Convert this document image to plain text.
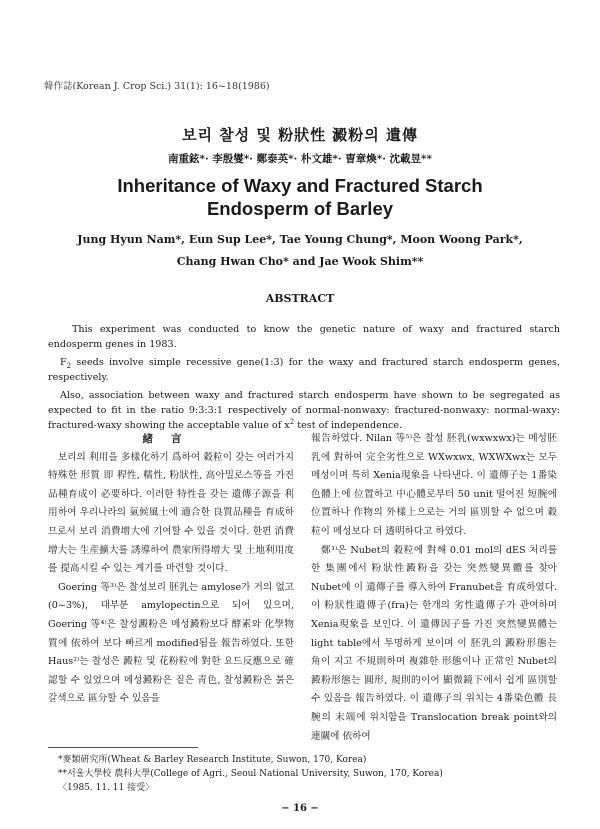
韓作誌(Korean J. Crop Sci.) 31(1): 16~18(1986)
보리 찰성 및 粉狀性 澱粉의 遺傳
南重鉉*· 李殷燮*· 鄭泰英*· 朴文雄*· 曺章煥*· 沈載昱**
Inheritance of Waxy and Fractured Starch
Endosperm of Barley
Jung Hyun Nam*, Eun Sup Lee*, Tae Young Chung*, Moon Woong Park*,
Chang Hwan Cho* and Jae Wook Shim**
ABSTRACT

This experiment was conducted to know the genetic nature of waxy and fractured starch endosperm genes in 1983.

$F_2$ seeds involve simple recessive gene(1:3) for the waxy and fractured starch endosperm genes, respectively.

Also, association between waxy and fractured starch endosperm have shown to be segregated as expected to fit in the ratio 9:3:3:1 respectively of normal-nonwaxy: fractured-nonwaxy: normal-waxy: fractured-waxy showing the acceptable value of $x^2$ test of independence.

緒言

보리의 利用을 多樣化하기 爲하여 穀粒이 갖는 여러가지 特殊한 形質 即 稈性, 糯性, 粉狀性, 高아밀로스等을 가진 品種育成이 必要하다. 이러한 特性을 갖는 遺傳子源을 利用하여 우리나라의 氣候風土에 適合한 良質品種을 育成하므로서 보리 消費增大에 기여할 수 있을 것이다. 한편 消費增大는 生産擴大를 誘導하여 農家所得增大 및 土地利用度를 提高시킬 수 있는 계기를 마련할 것이다.

Goering 等³⁾은 찰성보리 胚乳는 amylose가 거의 없고(0~3%), 대부분 amylopectin으로 되어 있으며, Goering 等⁴⁾은 찰성澱粉은 메성澱粉보다 酵素와 化學物質에 依하여 보다 빠르게 modified됨을 報告하였다. 또한 Haus²⁾는 찰성은 澱粒 및 花粉粒에 對한 요드反應으로 確認할 수 있었으며 메성澱粉은 짙은 靑色, 찰성澱粉은 붉은 갈색으로 區分할 수 있음을

報告하였다. Nilan 等⁵⁾은 찰성 胚乳(wxwxwx)는 메성胚乳에 對하여 完全劣性으로 WXwxwx, WXWXwx는 모두 메성이며 특히 Xenia現象을 나타낸다. 이 遺傳子는 1番染色體上에 位置하고 中心體로부터 50 unit 떨어진 短腕에 位置하나 作物의 外樣上으로는 거의 區別할 수 없으며 穀粒이 메성보다 더 透明하다고 하였다.

鄭¹⁾은 Nubet의 穀粒에 對해 0.01 mol의 dES 처리를 한 集團에서 粉狀性澱粉을 갖는 突然變異體를 찾아 Nubet에 이 遺傳子를 導入하여 Franubet을 育成하였다. 이 粉狀性遺傳子(fra)는 한개의 劣性遺傳子가 관여하며 Xenia現象을 보인다. 이 遺傳因子를 가진 突然變異體는 light table에서 투명하게 보이며 이 胚乳의 澱粉形態는 角이 지고 不規則하며 複雜한 形態이나 正常인 Nubet의 澱粉形態는 圓形, 規則的이어 顯微鏡下에서 쉽게 區別할 수 있음을 報告하였다. 이 遺傳子의 위치는 4番染色體 長腕의 末端에 위치함을 Translocation break point와의 連關에 依하여

*麥類硏究所(Wheat & Barley Research Institute, Suwon, 170, Korea)
**서울大學校 農科大學(College of Agri., Seoul National University, Suwon, 170, Korea)
〈1985. 11. 11 接受〉
− 16 −
